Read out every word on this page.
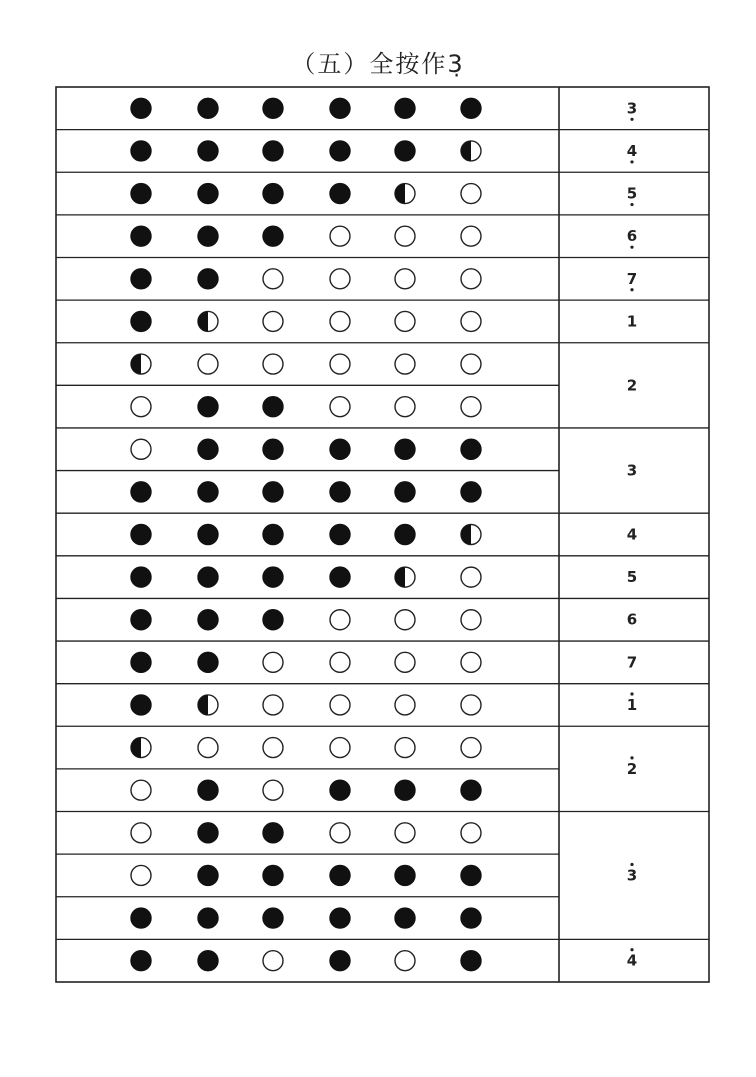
（五）全按作3̣
3
4
5
6
7
1
2
3
4
5
6
7
1
2
3
4
